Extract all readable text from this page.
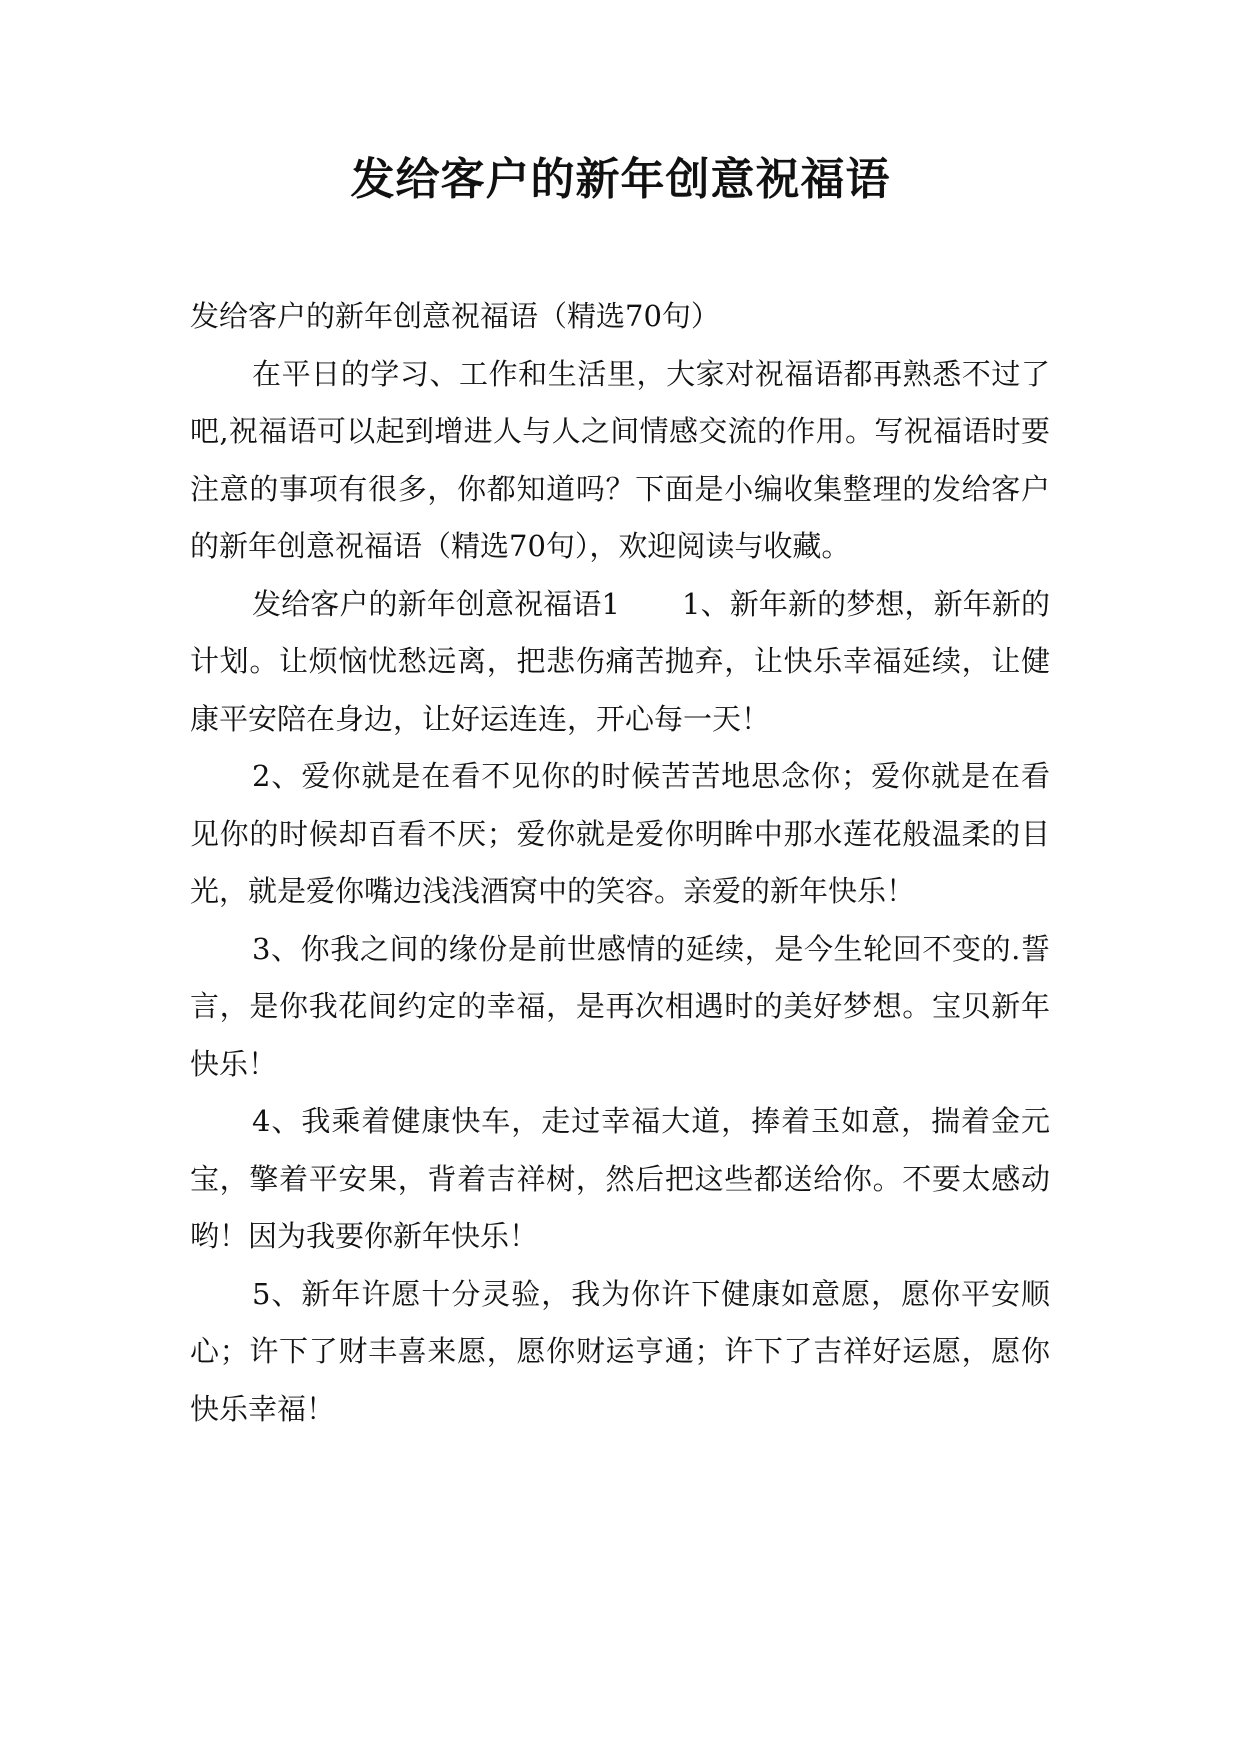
发给客户的新年创意祝福语

发给客户的新年创意祝福语（精选70句）

在平日的学习、工作和生活里，大家对祝福语都再熟悉不过了吧,祝福语可以起到增进人与人之间情感交流的作用。写祝福语时要注意的事项有很多，你都知道吗？下面是小编收集整理的发给客户的新年创意祝福语（精选70句），欢迎阅读与收藏。

发给客户的新年创意祝福语1 1、新年新的梦想，新年新的计划。让烦恼忧愁远离，把悲伤痛苦抛弃，让快乐幸福延续，让健康平安陪在身边，让好运连连，开心每一天！

2、爱你就是在看不见你的时候苦苦地思念你；爱你就是在看见你的时候却百看不厌；爱你就是爱你明眸中那水莲花般温柔的目光，就是爱你嘴边浅浅酒窝中的笑容。亲爱的新年快乐！

3、你我之间的缘份是前世感情的延续，是今生轮回不变的.誓言，是你我花间约定的幸福，是再次相遇时的美好梦想。宝贝新年快乐！

4、我乘着健康快车，走过幸福大道，捧着玉如意，揣着金元宝，擎着平安果，背着吉祥树，然后把这些都送给你。不要太感动哟！因为我要你新年快乐！

5、新年许愿十分灵验，我为你许下健康如意愿，愿你平安顺心；许下了财丰喜来愿，愿你财运亨通；许下了吉祥好运愿，愿你快乐幸福！
